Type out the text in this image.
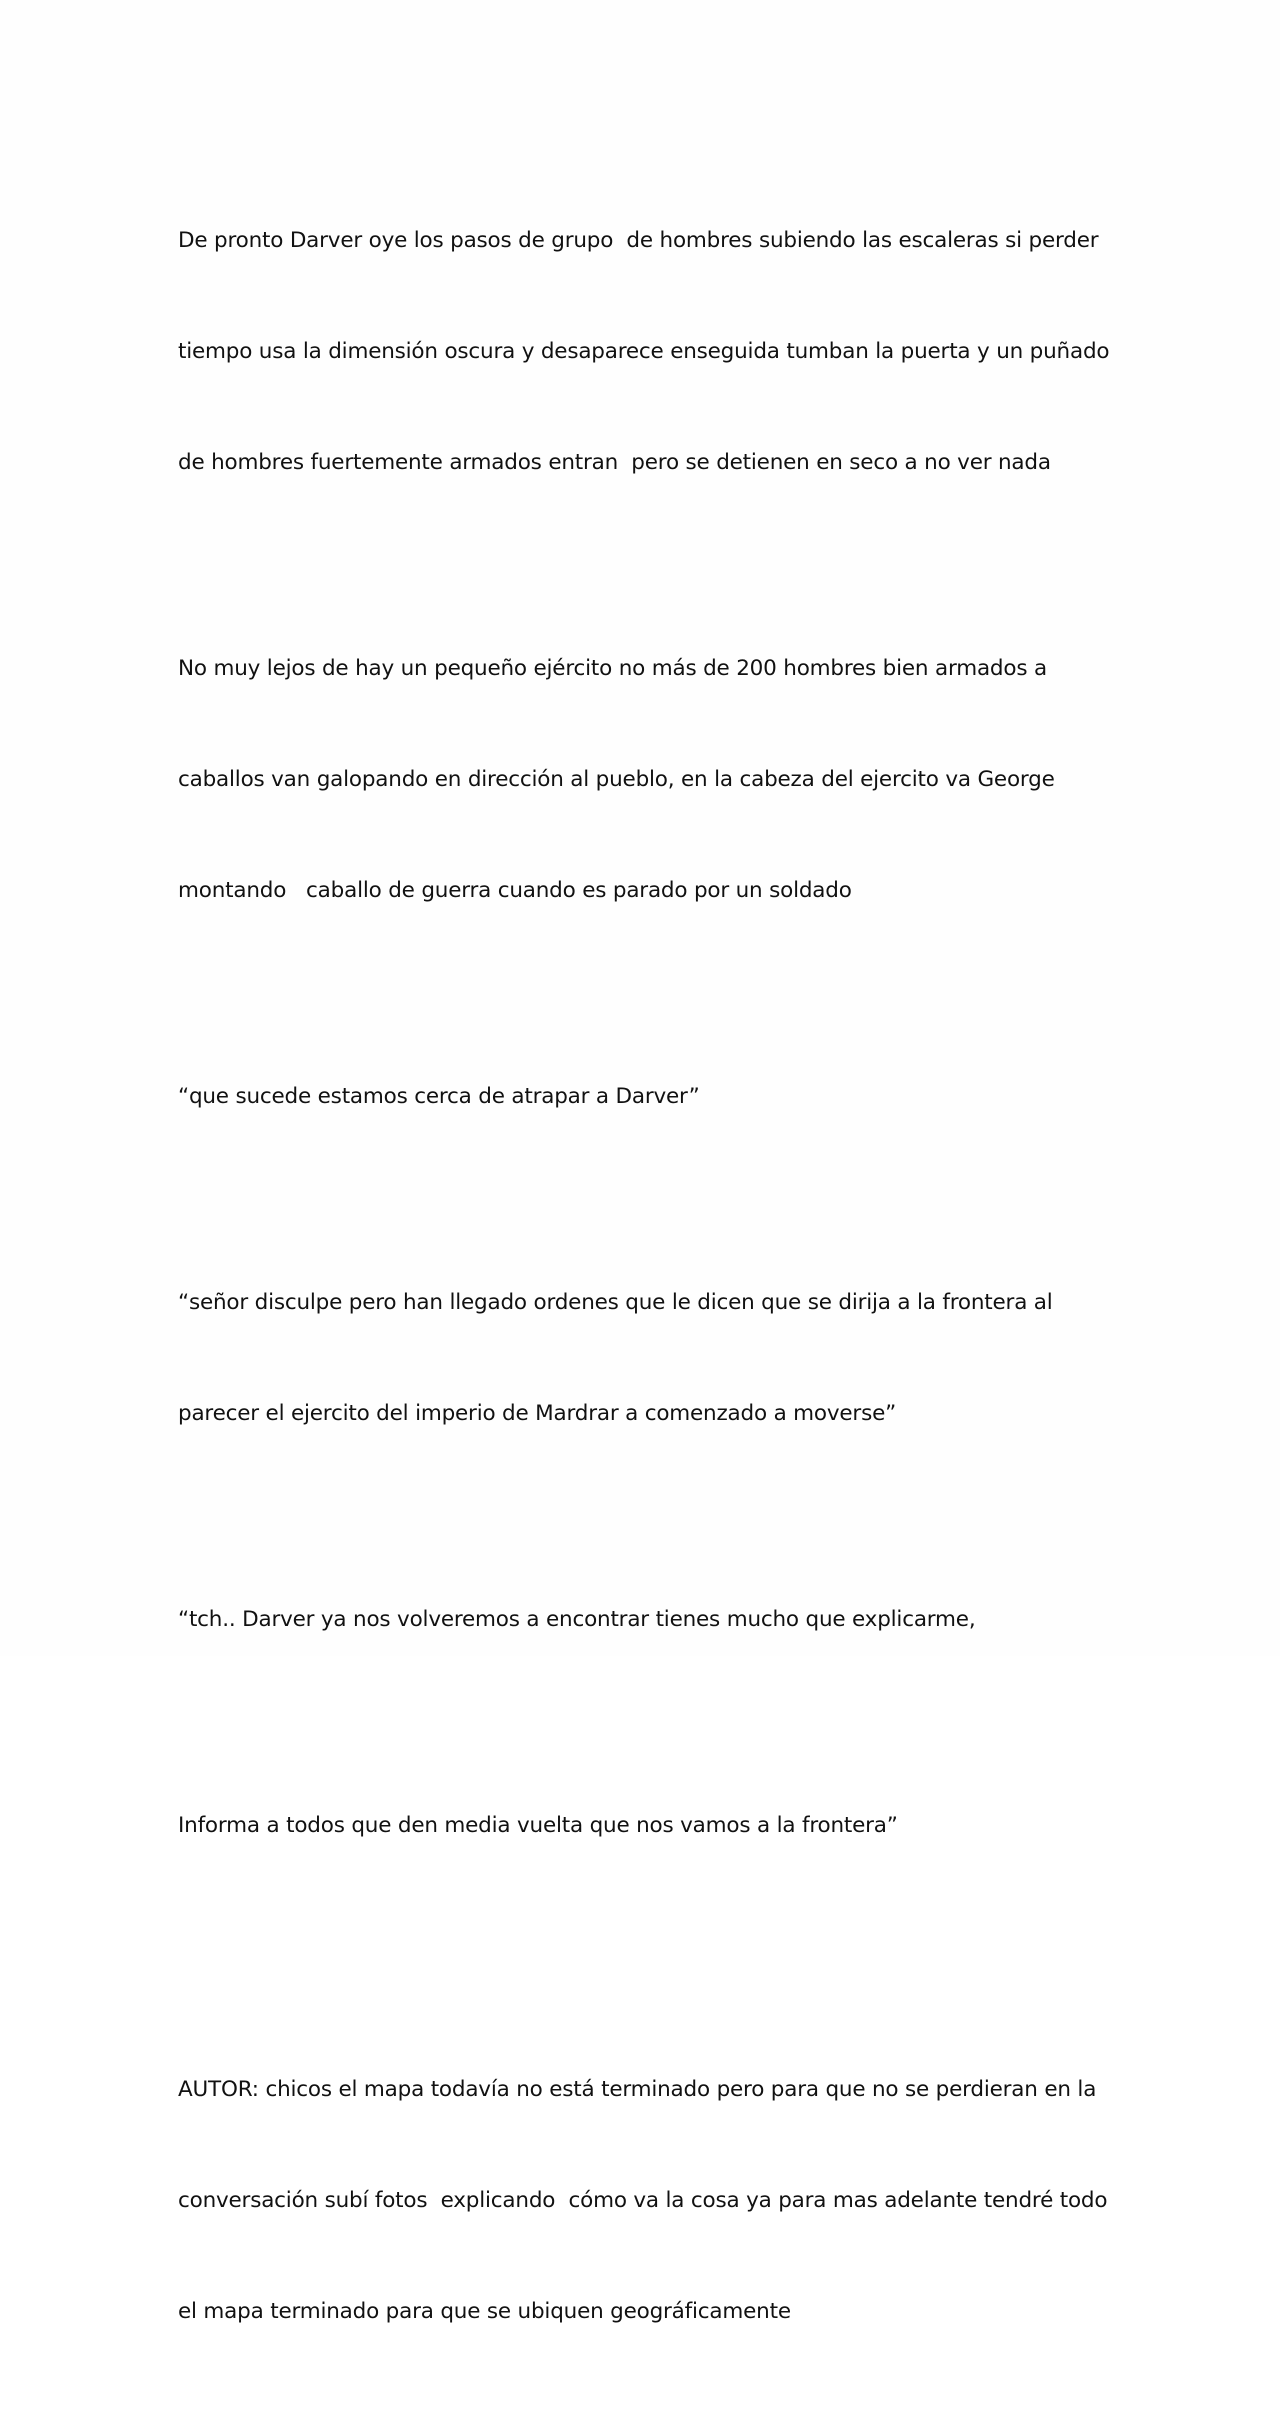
De pronto Darver oye los pasos de grupo  de hombres subiendo las escaleras si perder

tiempo usa la dimensión oscura y desaparece enseguida tumban la puerta y un puñado

de hombres fuertemente armados entran  pero se detienen en seco a no ver nada

No muy lejos de hay un pequeño ejército no más de 200 hombres bien armados a

caballos van galopando en dirección al pueblo, en la cabeza del ejercito va George

montando   caballo de guerra cuando es parado por un soldado

“que sucede estamos cerca de atrapar a Darver”

“señor disculpe pero han llegado ordenes que le dicen que se dirija a la frontera al

parecer el ejercito del imperio de Mardrar a comenzado a moverse”

“tch.. Darver ya nos volveremos a encontrar tienes mucho que explicarme,

Informa a todos que den media vuelta que nos vamos a la frontera”

AUTOR: chicos el mapa todavía no está terminado pero para que no se perdieran en la

conversación subí fotos  explicando  cómo va la cosa ya para mas adelante tendré todo

el mapa terminado para que se ubiquen geográficamente
